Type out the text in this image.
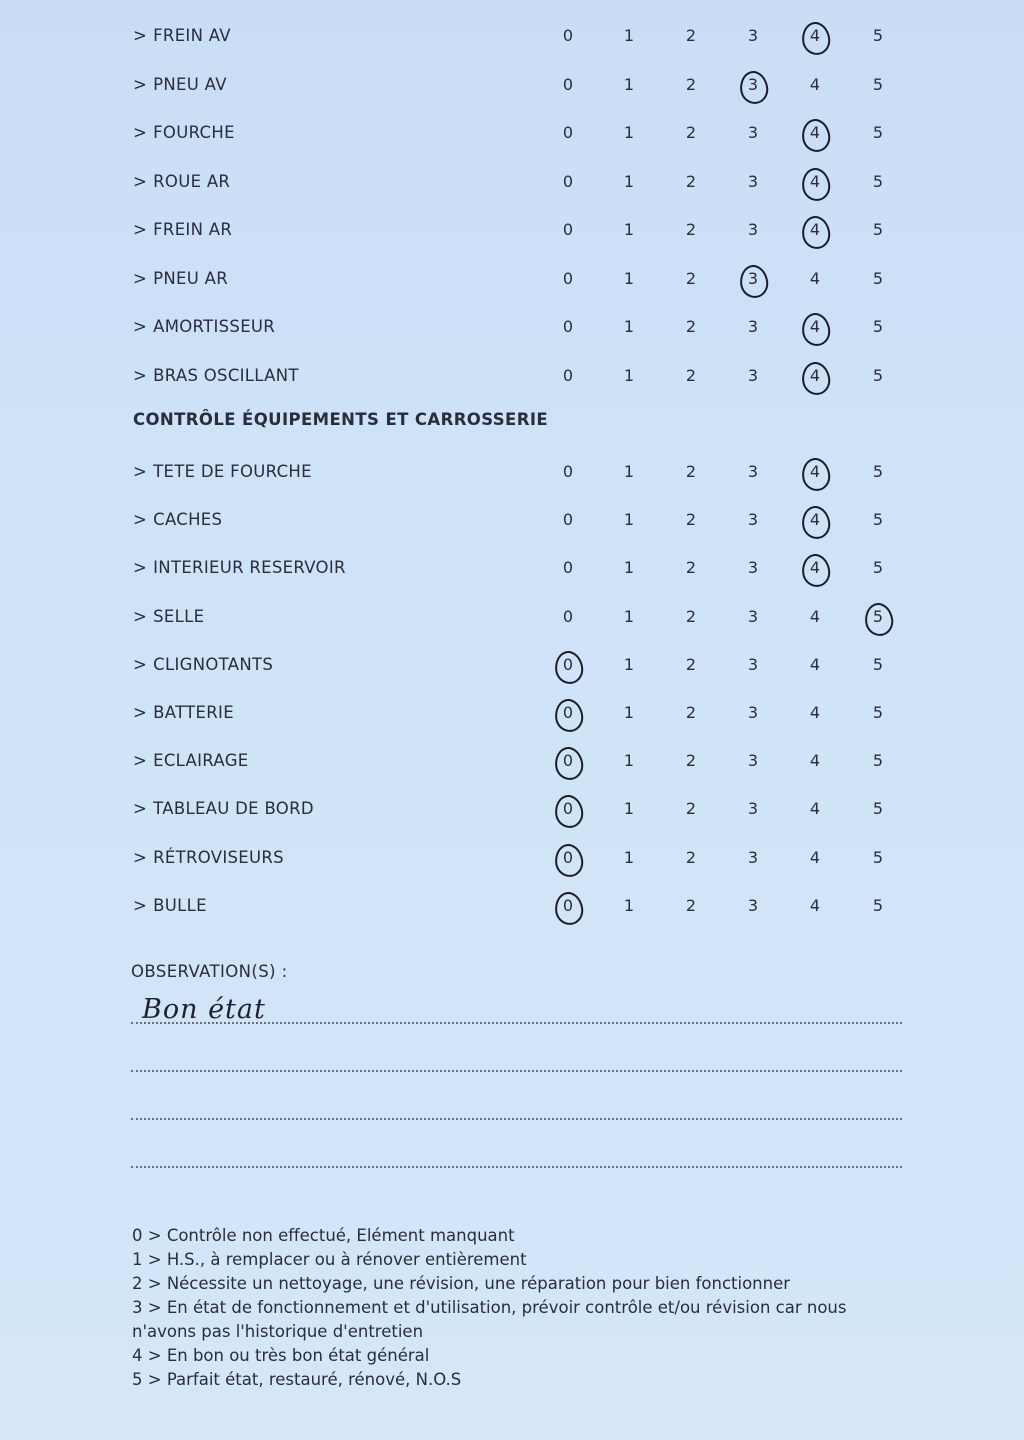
> FREIN AV	0	1	2	3	4	5
> PNEU AV	0	1	2	3	4	5
> FOURCHE	0	1	2	3	4	5
> ROUE AR	0	1	2	3	4	5
> FREIN AR	0	1	2	3	4	5
> PNEU AR	0	1	2	3	4	5
> AMORTISSEUR	0	1	2	3	4	5
> BRAS OSCILLANT	0	1	2	3	4	5
CONTRÔLE ÉQUIPEMENTS ET CARROSSERIE
> TETE DE FOURCHE	0	1	2	3	4	5
> CACHES	0	1	2	3	4	5
> INTERIEUR RESERVOIR	0	1	2	3	4	5
> SELLE	0	1	2	3	4	5
> CLIGNOTANTS	0	1	2	3	4	5
> BATTERIE	0	1	2	3	4	5
> ECLAIRAGE	0	1	2	3	4	5
> TABLEAU DE BORD	0	1	2	3	4	5
> RÉTROVISEURS	0	1	2	3	4	5
> BULLE	0	1	2	3	4	5
OBSERVATION(S) :
Bon état
0 > Contrôle non effectué, Elément manquant
1 > H.S., à remplacer ou à rénover entièrement
2 > Nécessite un nettoyage, une révision, une réparation pour bien fonctionner
3 > En état de fonctionnement et d'utilisation, prévoir contrôle et/ou révision car nous
n'avons pas l'historique d'entretien
4 > En bon ou très bon état général
5 > Parfait état, restauré, rénové, N.O.S
